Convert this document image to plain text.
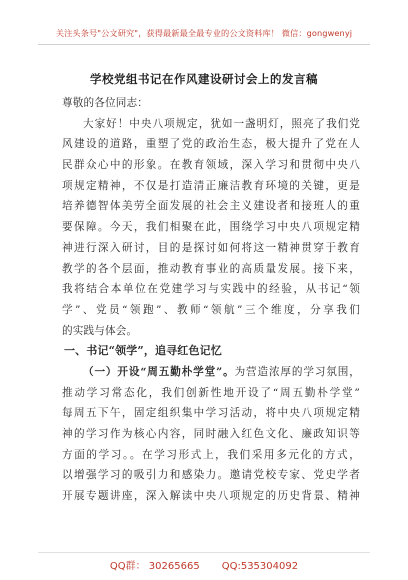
关注头条号"公文研究"，获得最新最全最专业的公文资料库！ 微信：gongwenyj
学校党组书记在作风建设研讨会上的发言稿
尊敬的各位同志：
大家好！中央八项规定，犹如一盏明灯，照亮了我们党
风建设的道路，重塑了党的政治生态，极大提升了党在人
民群众心中的形象。在教育领域，深入学习和贯彻中央八
项规定精神，不仅是打造清正廉洁教育环境的关键，更是
培养德智体美劳全面发展的社会主义建设者和接班人的重
要保障。今天，我们相聚在此，围绕学习中央八项规定精
神进行深入研讨，目的是探讨如何将这一精神贯穿于教育
教学的各个层面，推动教育事业的高质量发展。接下来，
我将结合本单位在党建学习与实践中的经验，从书记“领
学”、党员“领跑”、教师“领航”三个维度，分享我们
的实践与体会。
一、书记“领学”，追寻红色记忆
（一）开设“周五勤朴学堂”。为营造浓厚的学习氛围，
推动学习常态化，我们创新性地开设了“周五勤朴学堂”
每周五下午，固定组织集中学习活动，将中央八项规定精
神的学习作为核心内容，同时融入红色文化、廉政知识等
方面的学习。。在学习形式上，我们采用多元化的方式，
以增强学习的吸引力和感染力。邀请党校专家、党史学者
开展专题讲座，深入解读中央八项规定的历史背景、精神
QQ群： 30265665 QQ:535304092
